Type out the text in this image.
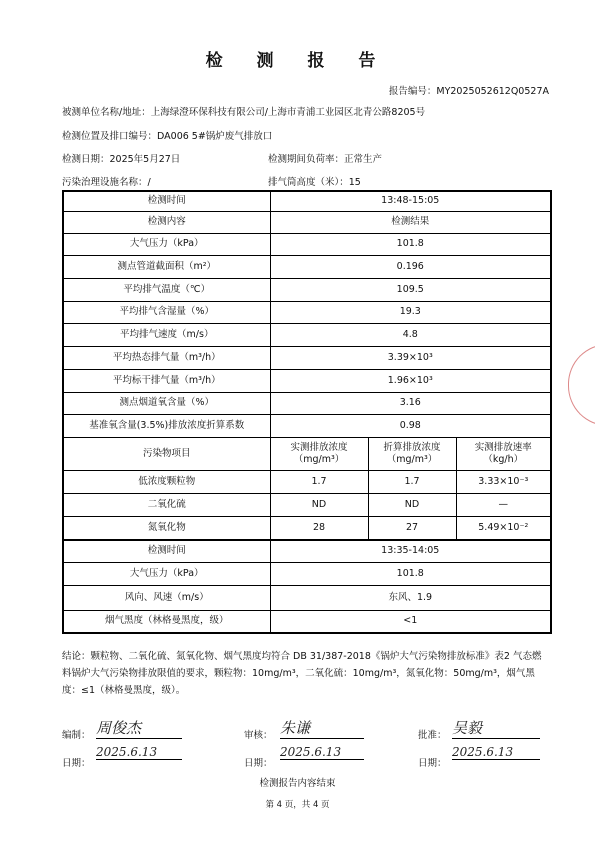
检 测 报 告
报告编号：MY2025052612Q0527A
被测单位名称/地址：上海绿澄环保科技有限公司/上海市青浦工业园区北青公路8205号
检测位置及排口编号：DA006 5#锅炉废气排放口
检测日期：2025年5月27日	检测期间负荷率：正常生产
污染治理设施名称：/	排气筒高度（米）：15
检测时间	13:48-15:05		
检测内容	检测结果		
大气压力（kPa）	101.8		
测点管道截面积（m²）	0.196		
平均排气温度（℃）	109.5		
平均排气含湿量（%）	19.3		
平均排气速度（m/s）	4.8		
平均热态排气量（m³/h）	3.39×10³		
平均标干排气量（m³/h）	1.96×10³		
测点烟道氧含量（%）	3.16		
基准氧含量(3.5%)排放浓度折算系数	0.98		
污染物项目	实测排放浓度（mg/m³）	折算排放浓度（mg/m³）	实测排放速率（kg/h）
低浓度颗粒物	1.7	1.7	3.33×10⁻³
二氧化硫	ND	ND	—
氮氧化物	28	27	5.49×10⁻²
检测时间	13:35-14:05		
大气压力（kPa）	101.8		
风向、风速（m/s）	东风、1.9		
烟气黑度（林格曼黑度，级）	<1		
结论：颗粒物、二氧化硫、氮氧化物、烟气黑度均符合 DB 31/387-2018《锅炉大气污染物排放标准》表2 气态燃料锅炉大气污染物排放限值的要求，颗粒物：10mg/m³，二氧化硫：10mg/m³，氮氧化物：50mg/m³，烟气黑度：≤1（林格曼黑度，级）。
编制： 周俊杰	审核： 朱谦	批准： 吴毅
日期：
2025.6.13
日期：
2025.6.13
日期：
2025.6.13
检测报告内容结束
第 4 页，共 4 页
